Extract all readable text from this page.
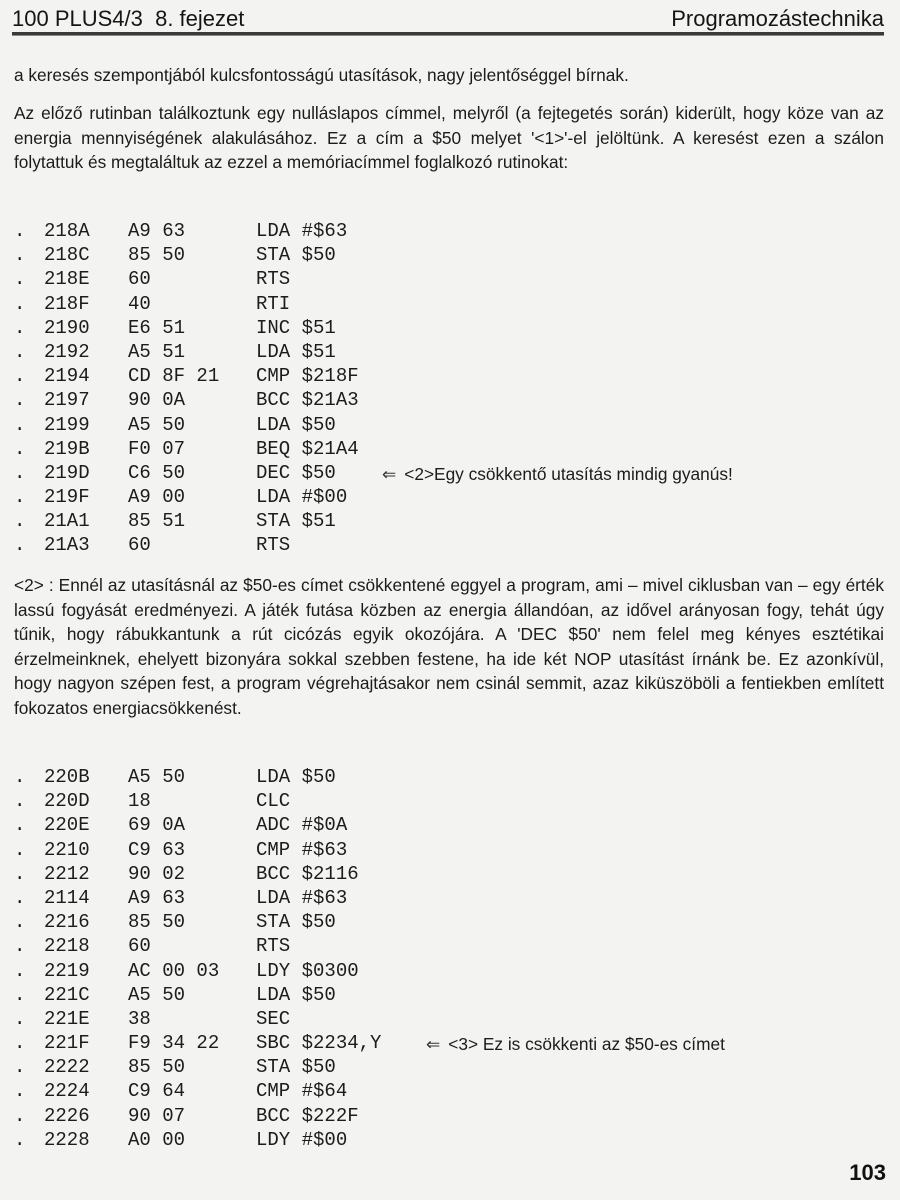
100 PLUS4/3  8. fejezet	Programozástechnika
a keresés szempontjából kulcsfontosságú utasítások, nagy jelentőséggel bírnak.
Az előző rutinban találkoztunk egy nulláslapos címmel, melyről (a fejtegetés során) kiderült, hogy köze van az energia mennyiségének alakulásához. Ez a cím a $50 melyet '<1>'-el jelöltünk. A keresést ezen a szálon folytattuk és megtaláltuk az ezzel a memóriacímmel foglalkozó rutinokat:
. 218A A9 63	LDA #$63
. 218C 85 50	STA $50
. 218E 60	RTS
. 218F 40	RTI
. 2190 E6 51	INC $51
. 2192 A5 51	LDA $51
. 2194 CD 8F 21 CMP $218F
. 2197 90 0A	BCC $21A3
. 2199 A5 50	LDA $50
. 219B F0 07	BEQ $21A4
. 219D C6 50	DEC $50	⇐ <2>Egy csökkentő utasítás mindig gyanús!
. 219F A9 00	LDA #$00
. 21A1 85 51	STA $51
. 21A3 60	RTS
<2> : Ennél az utasításnál az $50-es címet csökkentené eggyel a program, ami – mivel ciklusban van – egy érték lassú fogyását eredményezi. A játék futása közben az energia állandóan, az idővel arányosan fogy, tehát úgy tűnik, hogy rábukkantunk a rút cicózás egyik okozójára. A 'DEC $50' nem felel meg kényes esztétikai érzelmeinknek, ehelyett bizonyára sokkal szebben festene, ha ide két NOP utasítást írnánk be. Ez azonkívül, hogy nagyon szépen fest, a program végrehajtásakor nem csinál semmit, azaz kiküszöböli a fentiekben említett fokozatos energiacsökkenést.
. 220B A5 50	LDA $50
. 220D 18	CLC
. 220E 69 0A	ADC #$0A
. 2210 C9 63	CMP #$63
. 2212 90 02	BCC $2116
. 2114 A9 63	LDA #$63
. 2216 85 50	STA $50
. 2218 60	RTS
. 2219 AC 00 03 LDY $0300
. 221C A5 50	LDA $50
. 221E 38	SEC
. 221F F9 34 22 SBC $2234,Y	⇐ <3> Ez is csökkenti az $50-es címet
. 2222 85 50	STA $50
. 2224 C9 64	CMP #$64
. 2226 90 07	BCC $222F
. 2228 A0 00	LDY #$00
103
